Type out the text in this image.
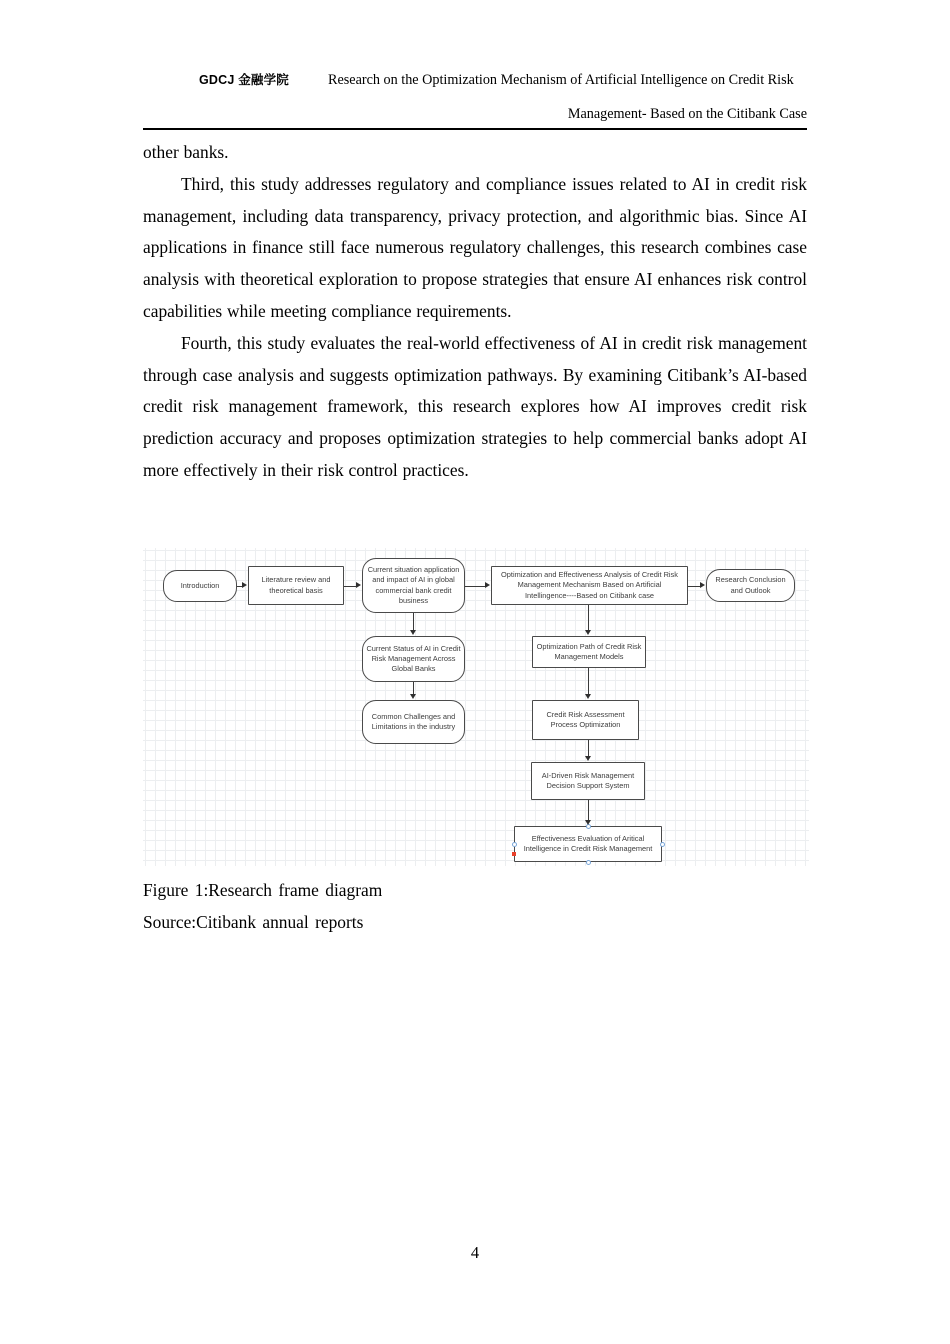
GDCJ 金融学院	Research on the Optimization Mechanism of Artificial Intelligence on Credit Risk
Management- Based on the Citibank Case

other banks.

Third, this study addresses regulatory and compliance issues related to AI in credit risk management, including data transparency, privacy protection, and algorithmic bias. Since AI applications in finance still face numerous regulatory challenges, this research combines case analysis with theoretical exploration to propose strategies that ensure AI enhances risk control capabilities while meeting compliance requirements.

Fourth, this study evaluates the real-world effectiveness of AI in credit risk management through case analysis and suggests optimization pathways. By examining Citibank’s AI-based credit risk management framework, this research explores how AI improves credit risk prediction accuracy and proposes optimization strategies to help commercial banks adopt AI more effectively in their risk control practices.

Introduction
Literature review and theoretical basis
Current situation application and impact of AI in global commercial bank credit business
Optimization and Effectiveness Analysis of Credit Risk Management Mechanism Based on Artificial Intellingence----Based on Citibank case
Research Conclusion and Outlook
Current Status of AI in Credit Risk Management Across Global Banks
Common Challenges and Limitations in the industry
Optimization Path of Credit Risk Management Models
Credit Risk Assessment Process Optimization
AI-Driven Risk Management Decision Support System
Effectiveness Evaluation of Aritical Intelligence in Credit Risk Management
Figure 1:Research frame diagram
Source:Citibank annual reports
4
